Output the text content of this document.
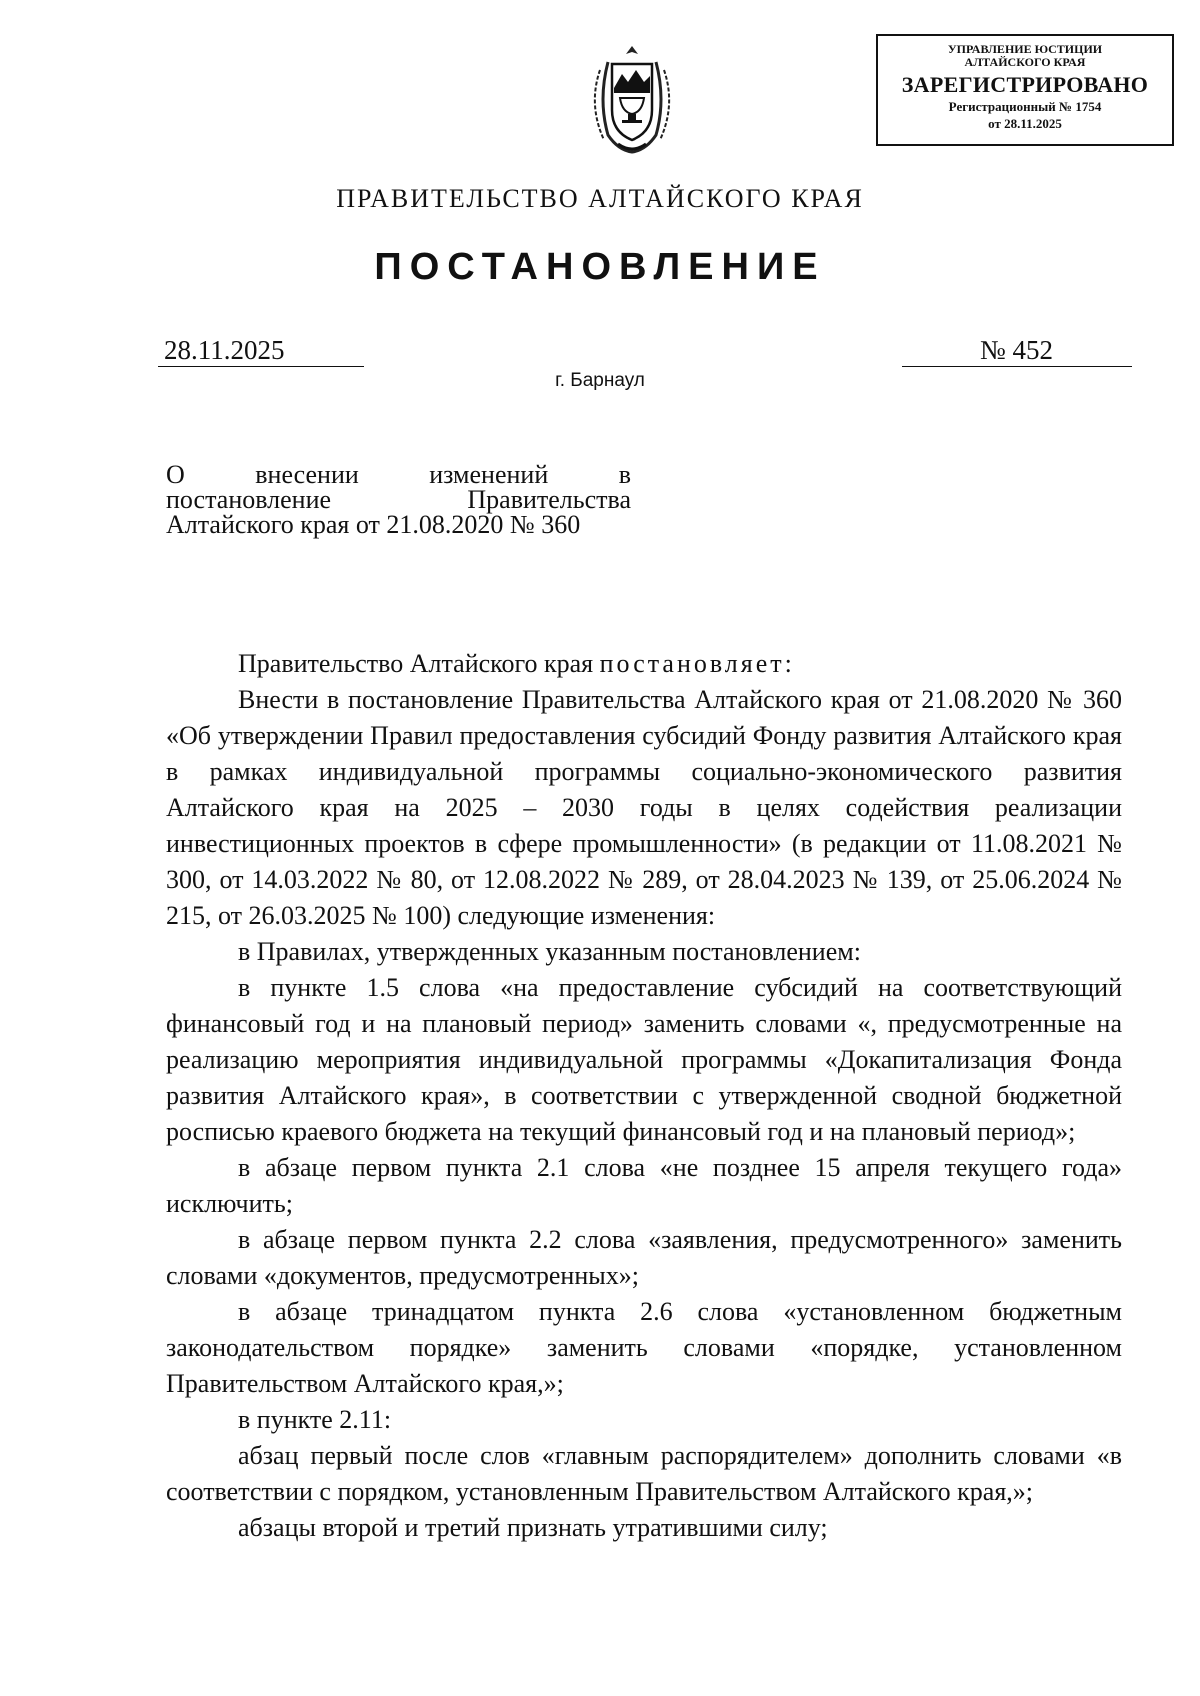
УПРАВЛЕНИЕ ЮСТИЦИИ
АЛТАЙСКОГО КРАЯ
ЗАРЕГИСТРИРОВАНО
Регистрационный № 1754
от 28.11.2025
ПРАВИТЕЛЬСТВО АЛТАЙСКОГО КРАЯ
ПОСТАНОВЛЕНИЕ
28.11.2025	№ 452
г. Барнаул
О      внесении      изменений      в
постановление         Правительства
Алтайского края от 21.08.2020 № 360

Правительство Алтайского края постановляет:

Внести в постановление Правительства Алтайского края от 21.08.2020 № 360 «Об утверждении Правил предоставления субсидий Фонду развития Алтайского края в рамках индивидуальной программы социально-экономического развития Алтайского края на 2025 – 2030 годы в целях содействия реализации инвестиционных проектов в сфере промышленности» (в редакции от 11.08.2021 № 300, от 14.03.2022 № 80, от 12.08.2022 № 289, от 28.04.2023 № 139, от 25.06.2024 № 215, от 26.03.2025 № 100) следующие изменения:

в Правилах, утвержденных указанным постановлением:

в пункте 1.5 слова «на предоставление субсидий на соответствующий финансовый год и на плановый период» заменить словами «, предусмотренные на реализацию мероприятия индивидуальной программы «Докапитализация Фонда развития Алтайского края», в соответствии с утвержденной сводной бюджетной росписью краевого бюджета на текущий финансовый год и на плановый период»;

в абзаце первом пункта 2.1 слова «не позднее 15 апреля текущего года» исключить;

в абзаце первом пункта 2.2 слова «заявления, предусмотренного» заменить словами «документов, предусмотренных»;

в абзаце тринадцатом пункта 2.6 слова «установленном бюджетным законодательством порядке» заменить словами «порядке, установленном Правительством Алтайского края,»;

в пункте 2.11:

абзац первый после слов «главным распорядителем» дополнить словами «в соответствии с порядком, установленным Правительством Алтайского края,»;

абзацы второй и третий признать утратившими силу;
